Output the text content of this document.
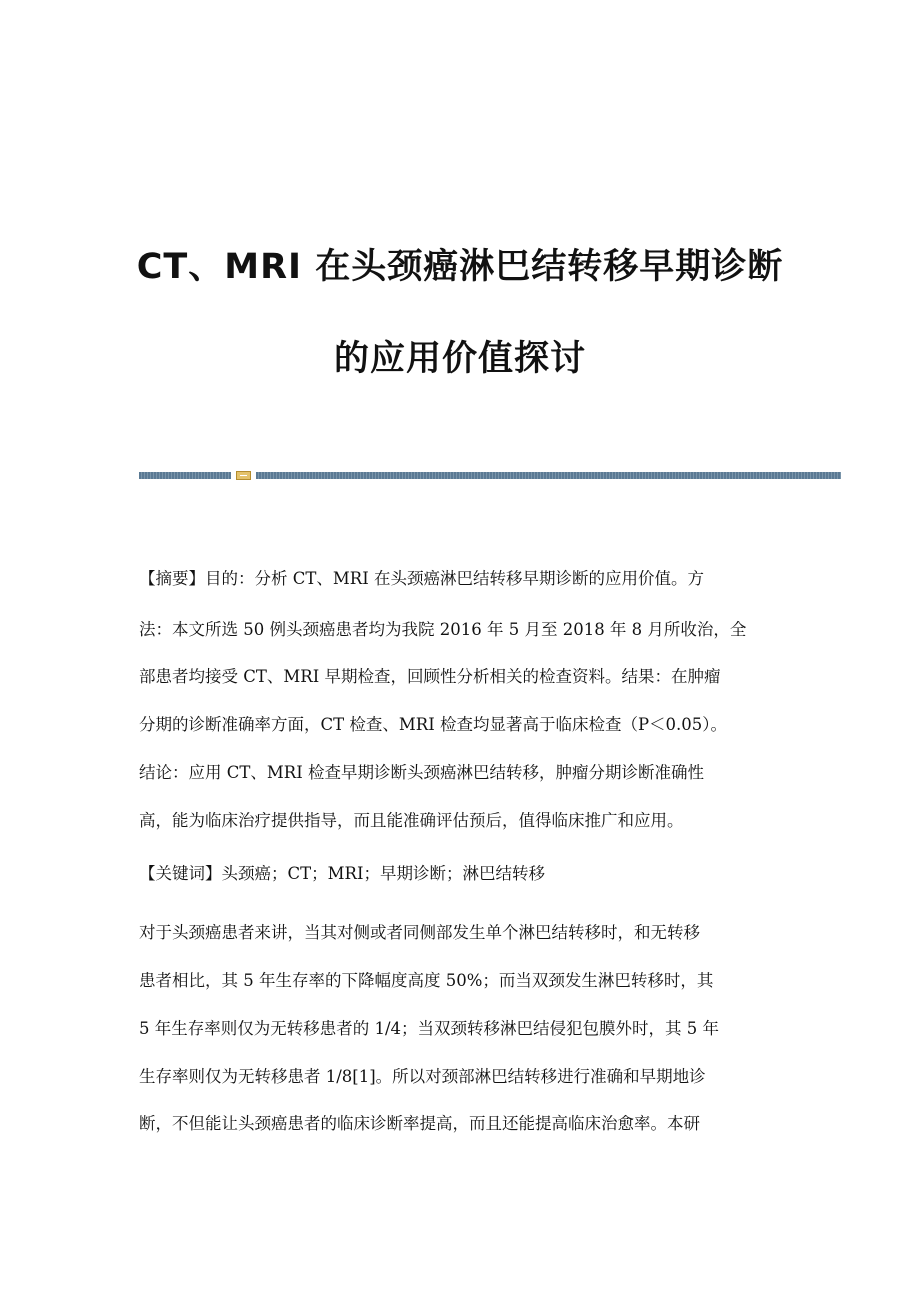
CT、MRI 在头颈癌淋巴结转移早期诊断
的应用价值探讨
【摘要】目的：分析 CT、MRI 在头颈癌淋巴结转移早期诊断的应用价值。方
法：本文所选 50 例头颈癌患者均为我院 2016 年 5 月至 2018 年 8 月所收治，全
部患者均接受 CT、MRI 早期检查，回顾性分析相关的检查资料。结果：在肿瘤
分期的诊断准确率方面，CT 检查、MRI 检查均显著高于临床检查（P＜0.05）。
结论：应用 CT、MRI 检查早期诊断头颈癌淋巴结转移，肿瘤分期诊断准确性
高，能为临床治疗提供指导，而且能准确评估预后，值得临床推广和应用。
【关键词】头颈癌；CT；MRI；早期诊断；淋巴结转移
对于头颈癌患者来讲，当其对侧或者同侧部发生单个淋巴结转移时，和无转移
患者相比，其 5 年生存率的下降幅度高度 50%；而当双颈发生淋巴转移时，其
5 年生存率则仅为无转移患者的 1/4；当双颈转移淋巴结侵犯包膜外时，其 5 年
生存率则仅为无转移患者 1/8[1]。所以对颈部淋巴结转移进行准确和早期地诊
断，不但能让头颈癌患者的临床诊断率提高，而且还能提高临床治愈率。本研
